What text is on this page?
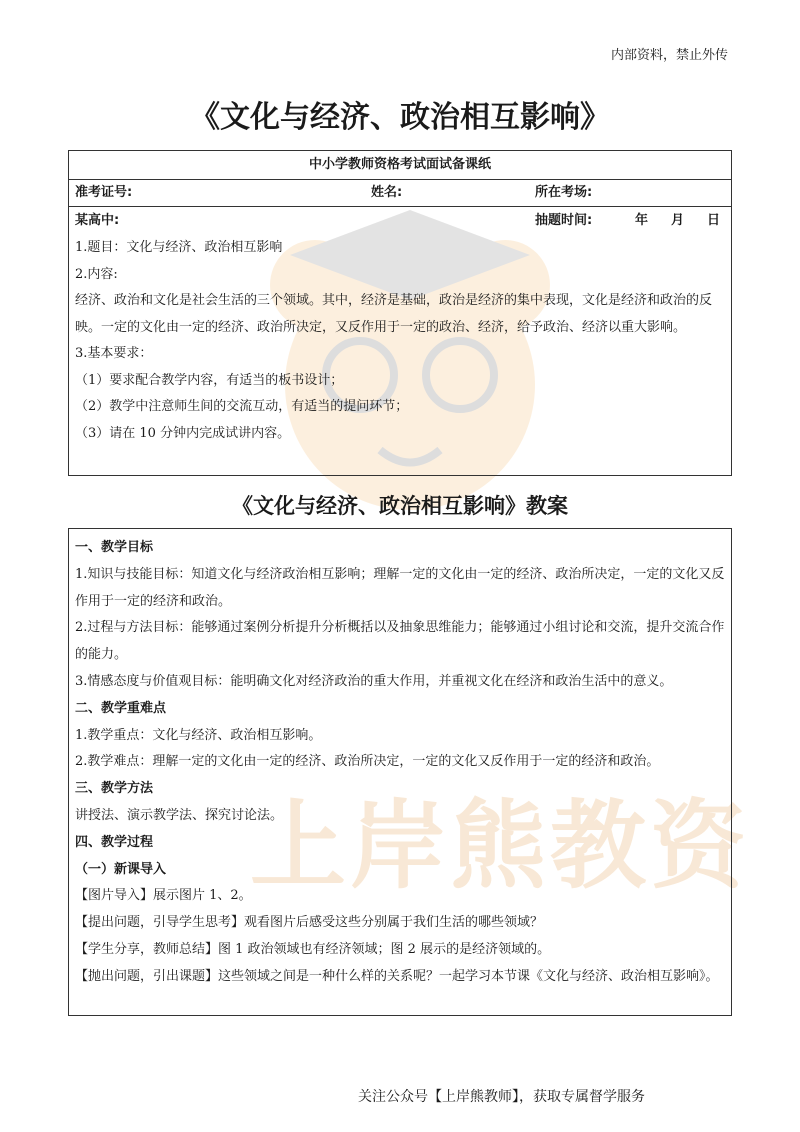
上岸熊教资
内部资料，禁止外传
《文化与经济、政治相互影响》
中小学教师资格考试面试备课纸
准考证号:	姓名:	所在考场:
某高中:	抽题时间:	年 月 日

1.题目：文化与经济、政治相互影响

2.内容:

经济、政治和文化是社会生活的三个领域。其中，经济是基础，政治是经济的集中表现，文化是经济和政治的反映。一定的文化由一定的经济、政治所决定，又反作用于一定的政治、经济，给予政治、经济以重大影响。

3.基本要求：

（1）要求配合教学内容，有适当的板书设计；

（2）教学中注意师生间的交流互动，有适当的提问环节；

（3）请在 10 分钟内完成试讲内容。

《文化与经济、政治相互影响》教案

一、教学目标

1.知识与技能目标：知道文化与经济政治相互影响；理解一定的文化由一定的经济、政治所决定，一定的文化又反作用于一定的经济和政治。

2.过程与方法目标：能够通过案例分析提升分析概括以及抽象思维能力；能够通过小组讨论和交流，提升交流合作的能力。

3.情感态度与价值观目标：能明确文化对经济政治的重大作用，并重视文化在经济和政治生活中的意义。

二、教学重难点

1.教学重点：文化与经济、政治相互影响。

2.教学难点：理解一定的文化由一定的经济、政治所决定，一定的文化又反作用于一定的经济和政治。

三、教学方法

讲授法、演示教学法、探究讨论法。

四、教学过程

（一）新课导入

【图片导入】展示图片 1、2。

【提出问题，引导学生思考】观看图片后感受这些分别属于我们生活的哪些领域？

【学生分享，教师总结】图 1 政治领域也有经济领域；图 2 展示的是经济领域的。

【抛出问题，引出课题】这些领域之间是一种什么样的关系呢？一起学习本节课《文化与经济、政治相互影响》。

关注公众号【上岸熊教师】，获取专属督学服务
